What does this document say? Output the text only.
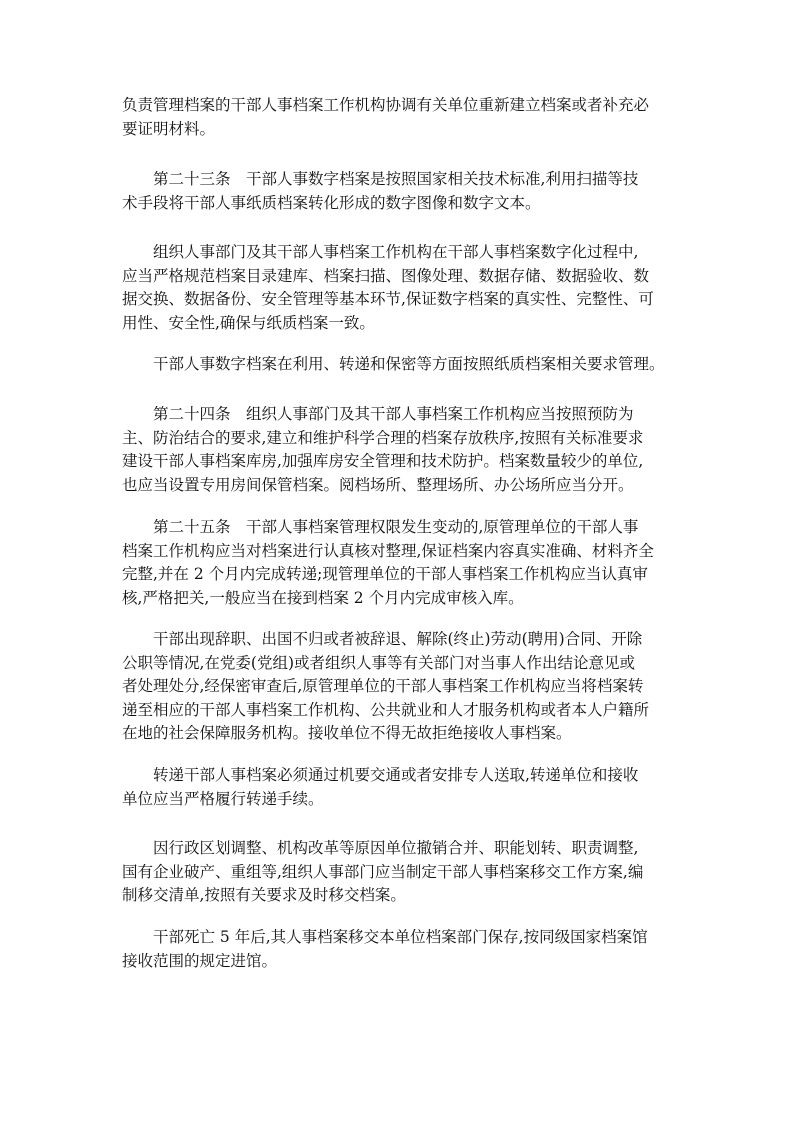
负责管理档案的干部人事档案工作机构协调有关单位重新建立档案或者补充必
要证明材料。
第二十三条　干部人事数字档案是按照国家相关技术标准,利用扫描等技
术手段将干部人事纸质档案转化形成的数字图像和数字文本。
组织人事部门及其干部人事档案工作机构在干部人事档案数字化过程中,
应当严格规范档案目录建库、档案扫描、图像处理、数据存储、数据验收、数
据交换、数据备份、安全管理等基本环节,保证数字档案的真实性、完整性、可
用性、安全性,确保与纸质档案一致。
干部人事数字档案在利用、转递和保密等方面按照纸质档案相关要求管理。
第二十四条　组织人事部门及其干部人事档案工作机构应当按照预防为
主、防治结合的要求,建立和维护科学合理的档案存放秩序,按照有关标准要求
建设干部人事档案库房,加强库房安全管理和技术防护。档案数量较少的单位,
也应当设置专用房间保管档案。阅档场所、整理场所、办公场所应当分开。
第二十五条　干部人事档案管理权限发生变动的,原管理单位的干部人事
档案工作机构应当对档案进行认真核对整理,保证档案内容真实准确、材料齐全
完整,并在 2 个月内完成转递;现管理单位的干部人事档案工作机构应当认真审
核,严格把关,一般应当在接到档案 2 个月内完成审核入库。
干部出现辞职、出国不归或者被辞退、解除(终止)劳动(聘用)合同、开除
公职等情况,在党委(党组)或者组织人事等有关部门对当事人作出结论意见或
者处理处分,经保密审查后,原管理单位的干部人事档案工作机构应当将档案转
递至相应的干部人事档案工作机构、公共就业和人才服务机构或者本人户籍所
在地的社会保障服务机构。接收单位不得无故拒绝接收人事档案。
转递干部人事档案必须通过机要交通或者安排专人送取,转递单位和接收
单位应当严格履行转递手续。
因行政区划调整、机构改革等原因单位撤销合并、职能划转、职责调整,
国有企业破产、重组等,组织人事部门应当制定干部人事档案移交工作方案,编
制移交清单,按照有关要求及时移交档案。
干部死亡 5 年后,其人事档案移交本单位档案部门保存,按同级国家档案馆
接收范围的规定进馆。
